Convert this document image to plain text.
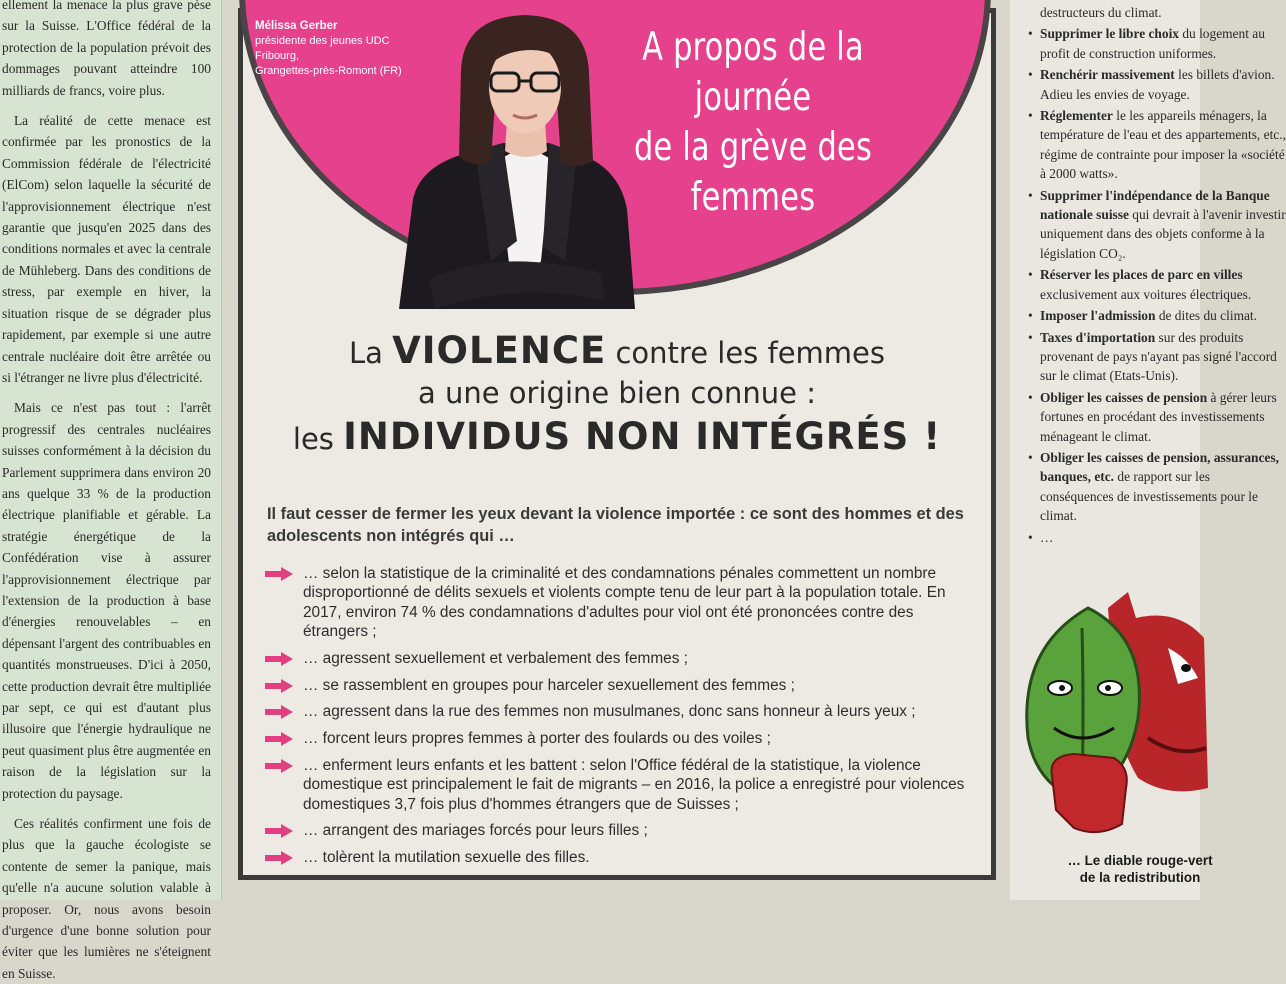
ellement la menace la plus grave pèse sur la Suisse. L'Office fédéral de la protection de la population prévoit des dommages pouvant atteindre 100 milliards de francs, voire plus.

La réalité de cette menace est confirmée par les pronostics de la Commission fédérale de l'électricité (ElCom) selon laquelle la sécurité de l'approvisionnement électrique n'est garantie que jusqu'en 2025 dans des conditions normales et avec la centrale de Mühleberg. Dans des conditions de stress, par exemple en hiver, la situation risque de se dégrader plus rapidement, par exemple si une autre centrale nucléaire doit être arrêtée ou si l'étranger ne livre plus d'électricité.

Mais ce n'est pas tout : l'arrêt progressif des centrales nucléaires suisses conformément à la décision du Parlement supprimera dans environ 20 ans quelque 33 % de la production électrique planifiable et gérable. La stratégie énergétique de la Confédération vise à assurer l'approvisionnement électrique par l'extension de la production à base d'énergies renouvelables – en dépensant l'argent des contribuables en quantités monstrueuses. D'ici à 2050, cette production devrait être multipliée par sept, ce qui est d'autant plus illusoire que l'énergie hydraulique ne peut quasiment plus être augmentée en raison de la législation sur la protection du paysage.

Ces réalités confirment une fois de plus que la gauche écologiste se contente de semer la panique, mais qu'elle n'a aucune solution valable à proposer. Or, nous avons besoin d'urgence d'une bonne solution pour éviter que les lumières ne s'éteignent en Suisse.

Mélissa Gerber
présidente des jeunes UDC Fribourg,
Grangettes-près-Romont (FR)
A propos de la journée
de la grève des femmes
La VIOLENCE contre les femmes
a une origine bien connue :
les INDIVIDUS NON INTÉGRÉS !
Il faut cesser de fermer les yeux devant la violence importée : ce sont des hommes et des adolescents non intégrés qui …
… selon la statistique de la criminalité et des condamnations pénales commettent un nombre disproportionné de délits sexuels et violents compte tenu de leur part à la population totale. En 2017, environ 74 % des condamnations d'adultes pour viol ont été prononcées contre des étrangers ;
… agressent sexuellement et verbalement des femmes ;
… se rassemblent en groupes pour harceler sexuellement des femmes ;
… agressent dans la rue des femmes non musulmanes, donc sans honneur à leurs yeux ;
… forcent leurs propres femmes à porter des foulards ou des voiles ;
… enferment leurs enfants et les battent : selon l'Office fédéral de la statistique, la violence domestique est principalement le fait de migrants – en 2016, la police a enregistré pour violences domestiques 3,7 fois plus d'hommes étrangers que de Suisses ;
… arrangent des mariages forcés pour leurs filles ;
… tolèrent la mutilation sexuelle des filles.
destructeurs du climat.
• Supprimer le libre choix du logement au profit de construction uniformes.
• Renchérir massivement les billets d'avion. Adieu les envies de voyage.
• Réglementer le les appareils ménagers, la température de l'eau et des appartements, etc., régime de contrainte pour imposer la «société à 2000 watts».
• Supprimer l'indépendance de la Banque nationale suisse qui devrait à l'avenir investir uniquement dans des objets conforme à la législation CO₂.
• Réserver les places de parc en villes exclusivement aux voitures électriques.
• Imposer l'admission de dites du climat.
• Taxes d'importation sur des produits provenant de pays n'ayant pas signé l'accord sur le climat (Etats-Unis).
• Obliger les caisses de pension à gérer leurs fortunes en procédant des investissements ménageant le climat.
• Obliger les caisses de pension, assurances, banques, etc. de rapport sur les conséquences de investissements pour le climat.
• …
… Le diable rouge-vert
de la redistribution
